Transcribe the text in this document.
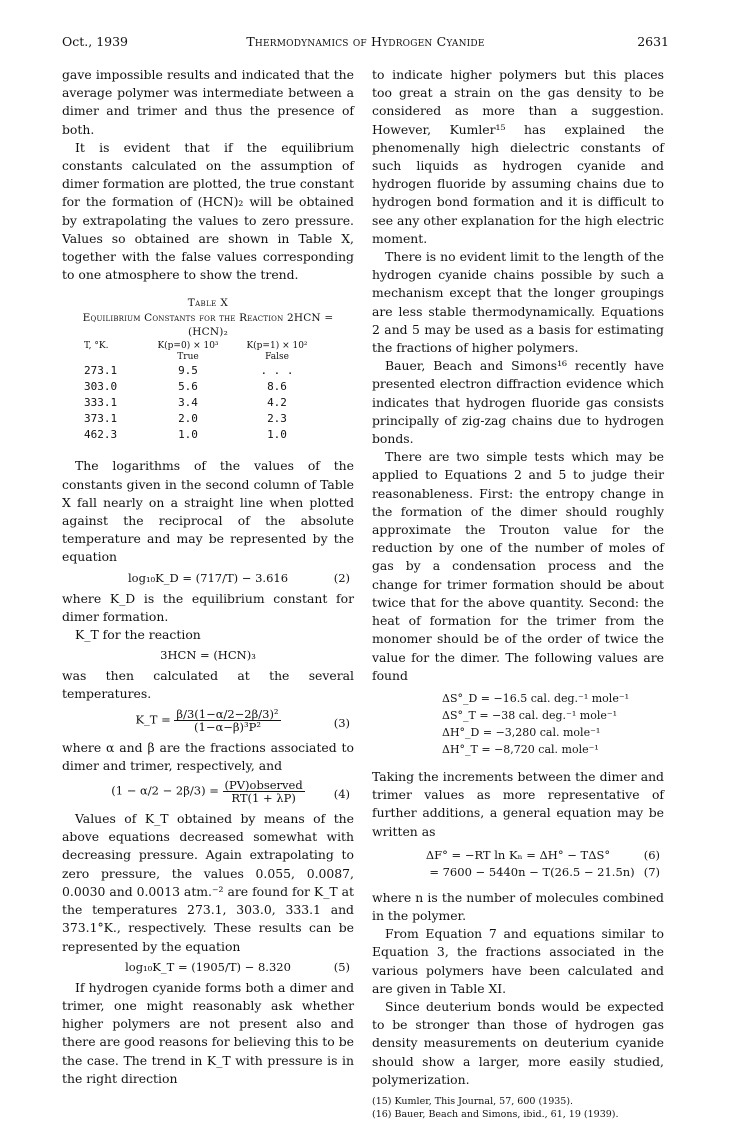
Oct., 1939	Thermodynamics of Hydrogen Cyanide	2631

gave impossible results and indicated that the average polymer was intermediate between a dimer and trimer and thus the presence of both.

It is evident that if the equilibrium constants calculated on the assumption of dimer formation are plotted, the true constant for the formation of (HCN)₂ will be obtained by extrapolating the values to zero pressure. Values so obtained are shown in Table X, together with the false values corresponding to one atmosphere to show the trend.

Table X
Equilibrium Constants for the Reaction 2HCN =
(HCN)₂
T, °K.	K(p=0) × 10³	K(p=1) × 10²
	True	False
273.1	9.5	. . .
303.0	5.6	8.6
333.1	3.4	4.2
373.1	2.0	2.3
462.3	1.0	1.0

The logarithms of the values of the constants given in the second column of Table X fall nearly on a straight line when plotted against the reciprocal of the absolute temperature and may be represented by the equation

log₁₀K_D = (717/T) − 3.616	(2)

where K_D is the equilibrium constant for dimer formation.

K_T for the reaction

3HCN = (HCN)₃

was then calculated at the several temperatures.

K_T = $\frac{\text{β/3(1−α/2−2β/3)²}}{\text{(1−α−β)³P²}}$	(3)

where α and β are the fractions associated to dimer and trimer, respectively, and

$(1 - \alpha/2 - 2\beta/3) = \frac{\text{(PV)observed}}{RT(1 + \lambda P)}$	(4)

Values of K_T obtained by means of the above equations decreased somewhat with decreasing pressure. Again extrapolating to zero pressure, the values 0.055, 0.0087, 0.0030 and 0.0013 atm.⁻² are found for K_T at the temperatures 273.1, 303.0, 333.1 and 373.1°K., respectively. These results can be represented by the equation

log₁₀K_T = (1905/T) − 8.320	(5)

If hydrogen cyanide forms both a dimer and trimer, one might reasonably ask whether higher polymers are not present also and there are good reasons for believing this to be the case. The trend in K_T with pressure is in the right direction

to indicate higher polymers but this places too great a strain on the gas density to be considered as more than a suggestion. However, Kumler¹⁵ has explained the phenomenally high dielectric constants of such liquids as hydrogen cyanide and hydrogen fluoride by assuming chains due to hydrogen bond formation and it is difficult to see any other explanation for the high electric moment.

There is no evident limit to the length of the hydrogen cyanide chains possible by such a mechanism except that the longer groupings are less stable thermodynamically. Equations 2 and 5 may be used as a basis for estimating the fractions of higher polymers.

Bauer, Beach and Simons¹⁶ recently have presented electron diffraction evidence which indicates that hydrogen fluoride gas consists principally of zig-zag chains due to hydrogen bonds.

There are two simple tests which may be applied to Equations 2 and 5 to judge their reasonableness. First: the entropy change in the formation of the dimer should roughly approximate the Trouton value for the reduction by one of the number of moles of gas by a condensation process and the change for trimer formation should be about twice that for the above quantity. Second: the heat of formation for the trimer from the monomer should be of the order of twice the value for the dimer. The following values are found

ΔS°_D = −16.5 cal. deg.⁻¹ mole⁻¹
ΔS°_T = −38 cal. deg.⁻¹ mole⁻¹
ΔH°_D = −3,280 cal. mole⁻¹
ΔH°_T = −8,720 cal. mole⁻¹

Taking the increments between the dimer and trimer values as more representative of further additions, a general equation may be written as

ΔF° = −RT ln Kₙ = ΔH° − TΔS°	(6)
= 7600 − 5440n − T(26.5 − 21.5n) (7)

where n is the number of molecules combined in the polymer.

From Equation 7 and equations similar to Equation 3, the fractions associated in the various polymers have been calculated and are given in Table XI.

Since deuterium bonds would be expected to be stronger than those of hydrogen gas density measurements on deuterium cyanide should show a larger, more easily studied, polymerization.

(15) Kumler, This Journal, 57, 600 (1935).

(16) Bauer, Beach and Simons, ibid., 61, 19 (1939).
